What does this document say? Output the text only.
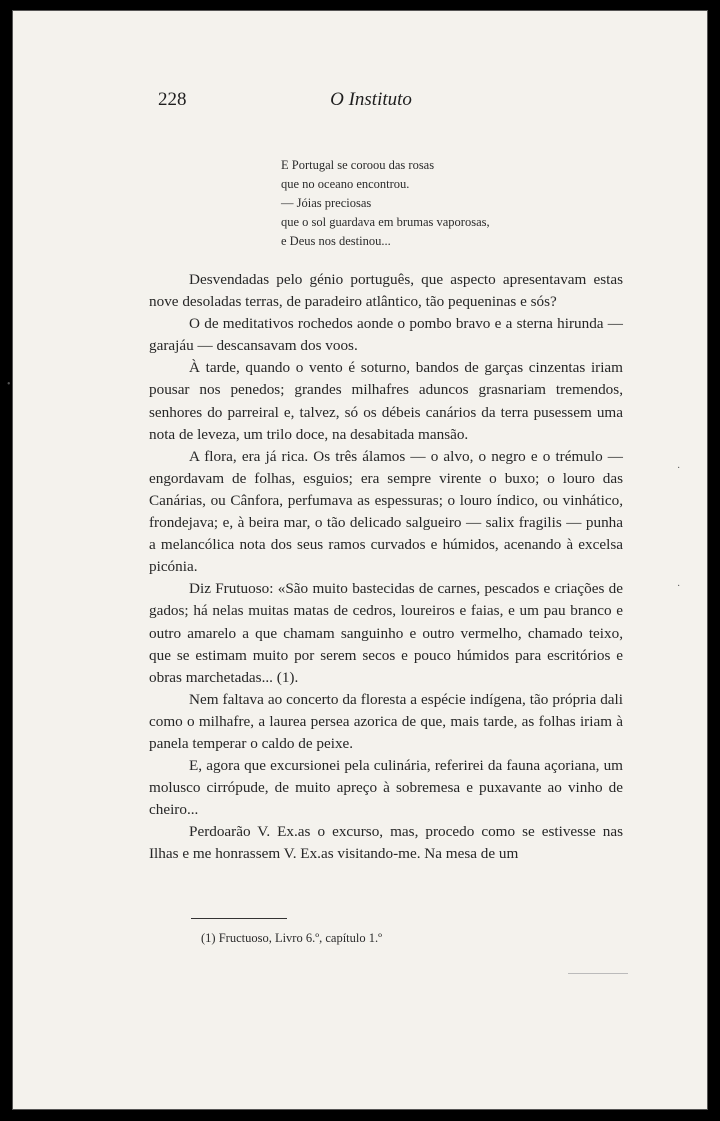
228	O Instituto
E Portugal se coroou das rosas
que no oceano encontrou.
— Jóias preciosas
que o sol guardava em brumas vaporosas,
e Deus nos destinou...

Desvendadas pelo génio português, que aspecto apresentavam estas nove desoladas terras, de paradeiro atlântico, tão pequeninas e sós?

O de meditativos rochedos aonde o pombo bravo e a sterna hirunda — garajáu — descansavam dos voos.

À tarde, quando o vento é soturno, bandos de garças cinzentas iriam pousar nos penedos; grandes milhafres aduncos grasnariam tremendos, senhores do parreiral e, talvez, só os débeis canários da terra pusessem uma nota de leveza, um trilo doce, na desabitada mansão.

A flora, era já rica. Os três álamos — o alvo, o negro e o trémulo — engordavam de folhas, esguios; era sempre virente o buxo; o louro das Canárias, ou Cânfora, perfumava as espessuras; o louro índico, ou vinhático, frondejava; e, à beira mar, o tão delicado salgueiro — salix fragilis — punha a melancólica nota dos seus ramos curvados e húmidos, acenando à excelsa picónia.

Diz Frutuoso: «São muito bastecidas de carnes, pescados e criações de gados; há nelas muitas matas de cedros, loureiros e faias, e um pau branco e outro amarelo a que chamam sanguinho e outro vermelho, chamado teixo, que se estimam muito por serem secos e pouco húmidos para escritórios e obras marchetadas... (1).

Nem faltava ao concerto da floresta a espécie indígena, tão própria dali como o milhafre, a laurea persea azorica de que, mais tarde, as folhas iriam à panela temperar o caldo de peixe.

E, agora que excursionei pela culinária, referirei da fauna açoriana, um molusco cirrópude, de muito apreço à sobremesa e puxavante ao vinho de cheiro...

Perdoarão V. Ex.as o excurso, mas, procedo como se estivesse nas Ilhas e me honrassem V. Ex.as visitando-me. Na mesa de um

(1) Fructuoso, Livro 6.º, capítulo 1.º
•
·
·
